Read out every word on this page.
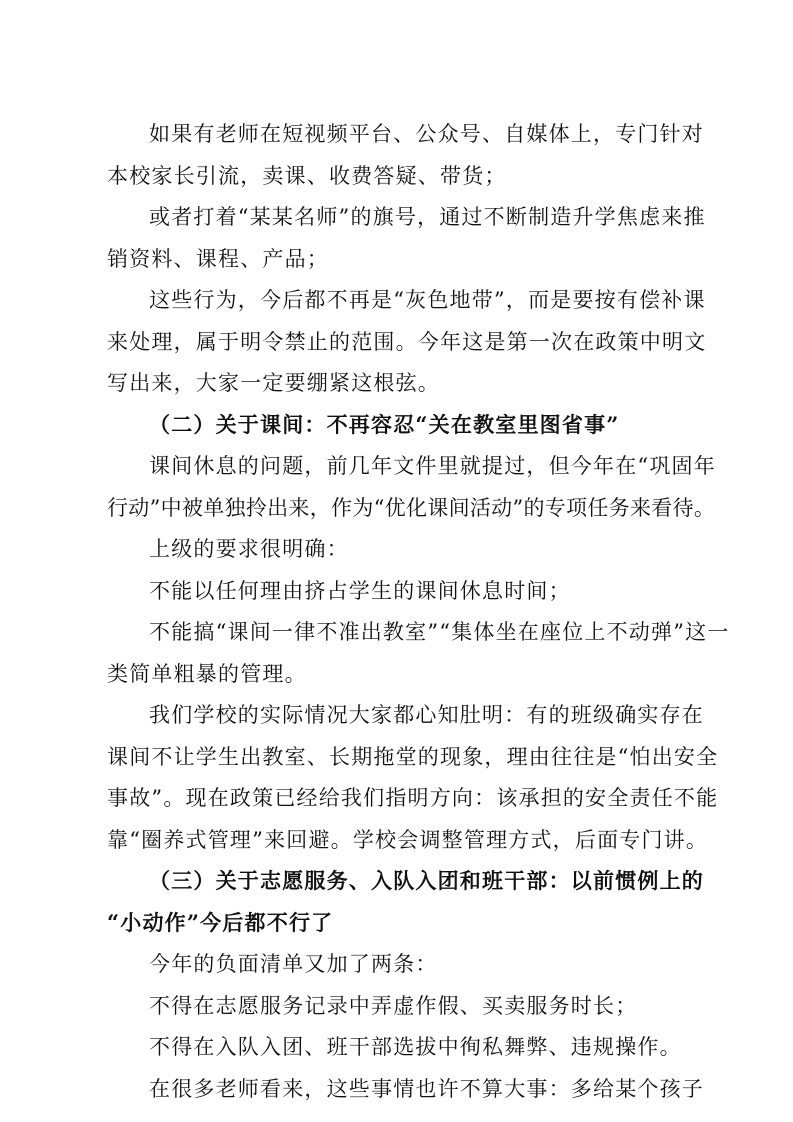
如果有老师在短视频平台、公众号、自媒体上，专门针对
本校家长引流，卖课、收费答疑、带货；
或者打着“某某名师”的旗号，通过不断制造升学焦虑来推
销资料、课程、产品；
这些行为，今后都不再是“灰色地带”，而是要按有偿补课
来处理，属于明令禁止的范围。今年这是第一次在政策中明文
写出来，大家一定要绷紧这根弦。
（二）关于课间：不再容忍“关在教室里图省事”
课间休息的问题，前几年文件里就提过，但今年在“巩固年
行动”中被单独拎出来，作为“优化课间活动”的专项任务来看待。
上级的要求很明确：
不能以任何理由挤占学生的课间休息时间；
不能搞“课间一律不准出教室”“集体坐在座位上不动弹”这一
类简单粗暴的管理。
我们学校的实际情况大家都心知肚明：有的班级确实存在
课间不让学生出教室、长期拖堂的现象，理由往往是“怕出安全
事故”。现在政策已经给我们指明方向：该承担的安全责任不能
靠“圈养式管理”来回避。学校会调整管理方式，后面专门讲。
（三）关于志愿服务、入队入团和班干部：以前惯例上的
“小动作”今后都不行了
今年的负面清单又加了两条：
不得在志愿服务记录中弄虚作假、买卖服务时长；
不得在入队入团、班干部选拔中徇私舞弊、违规操作。
在很多老师看来，这些事情也许不算大事：多给某个孩子
